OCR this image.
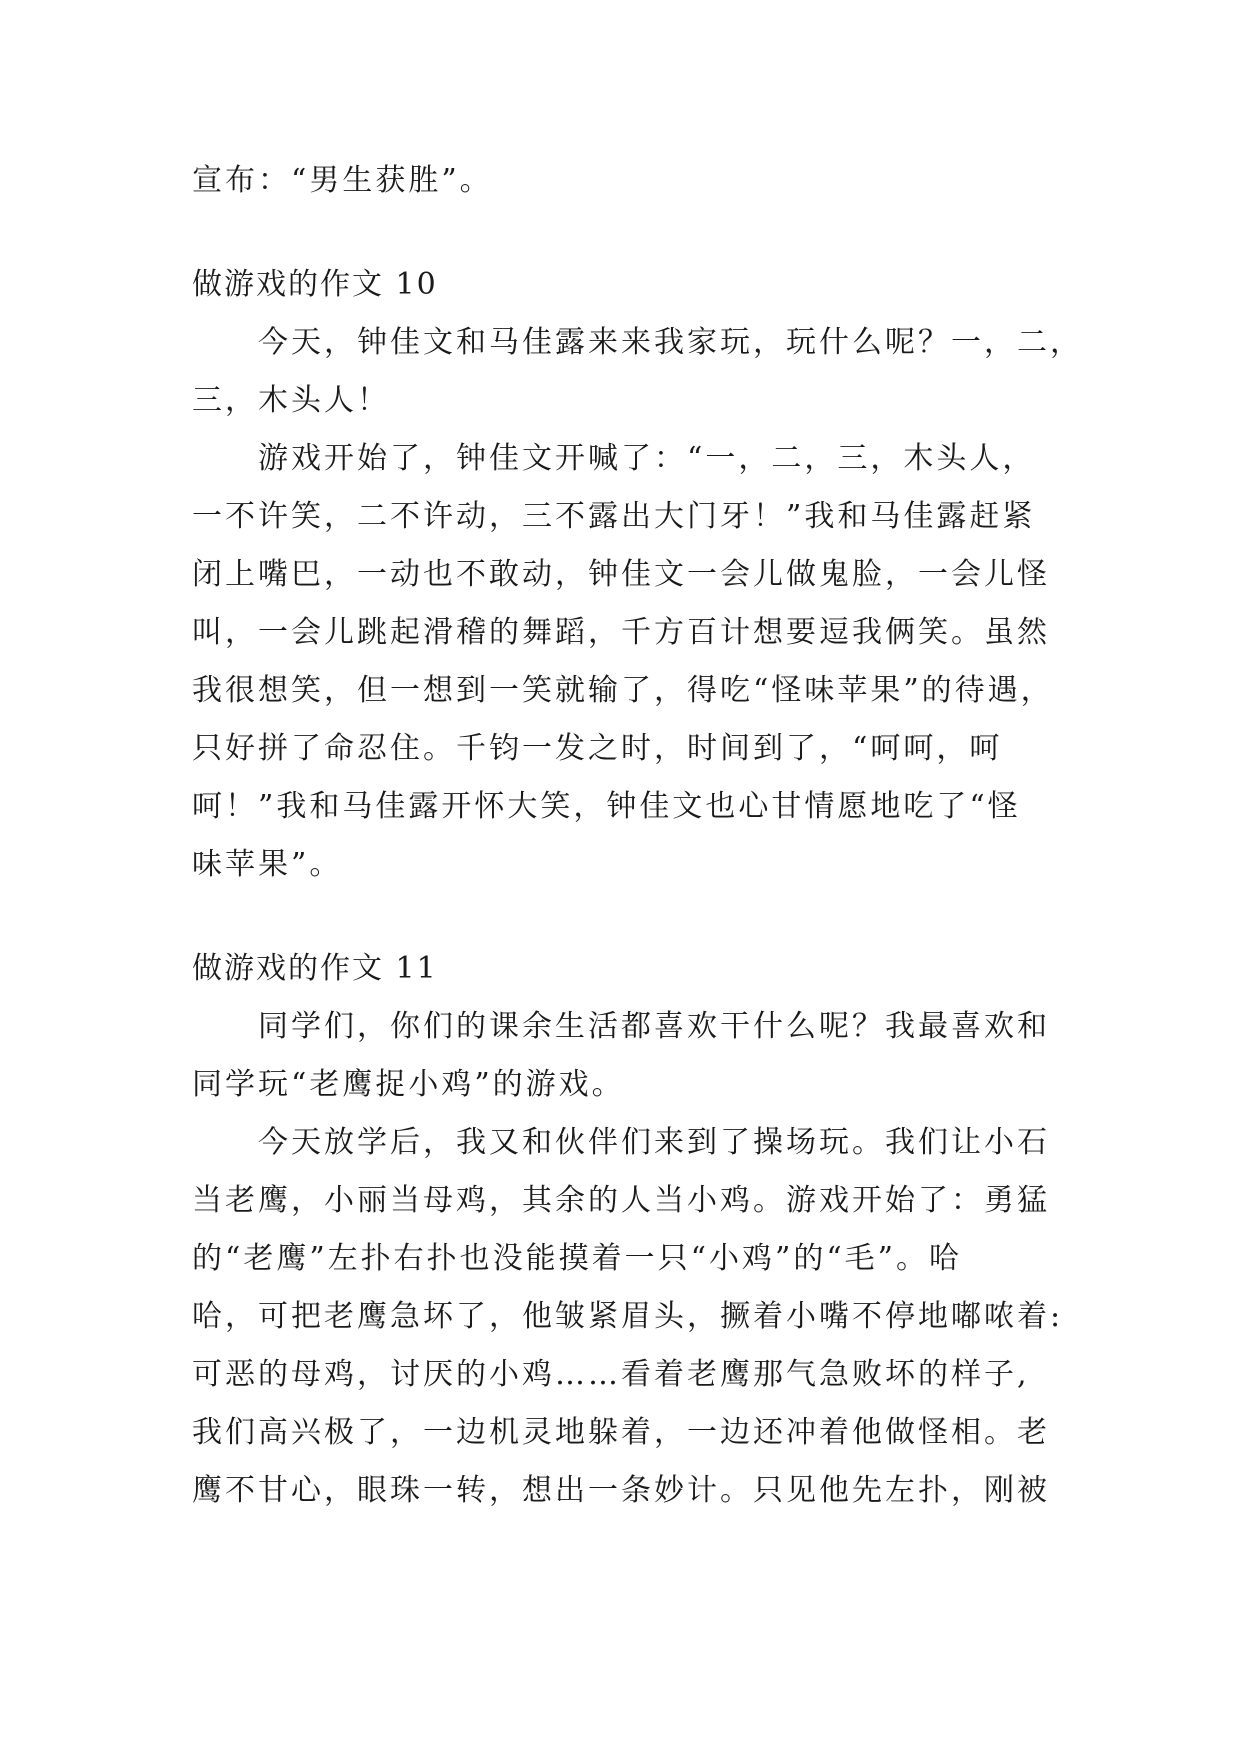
宣布：“男生获胜”。

做游戏的作文 10

今天，钟佳文和马佳露来来我家玩，玩什么呢？一，二，

三，木头人！

游戏开始了，钟佳文开喊了：“一，二，三，木头人，

一不许笑，二不许动，三不露出大门牙！”我和马佳露赶紧

闭上嘴巴，一动也不敢动，钟佳文一会儿做鬼脸，一会儿怪

叫，一会儿跳起滑稽的舞蹈，千方百计想要逗我俩笑。虽然

我很想笑，但一想到一笑就输了，得吃“怪味苹果”的待遇，

只好拼了命忍住。千钧一发之时，时间到了，“呵呵，呵

呵！”我和马佳露开怀大笑，钟佳文也心甘情愿地吃了“怪

味苹果”。

做游戏的作文 11

同学们，你们的课余生活都喜欢干什么呢？我最喜欢和

同学玩“老鹰捉小鸡”的游戏。

今天放学后，我又和伙伴们来到了操场玩。我们让小石

当老鹰，小丽当母鸡，其余的人当小鸡。游戏开始了：勇猛

的“老鹰”左扑右扑也没能摸着一只“小鸡”的“毛”。哈

哈，可把老鹰急坏了，他皱紧眉头，撅着小嘴不停地嘟哝着:

可恶的母鸡，讨厌的小鸡……看着老鹰那气急败坏的样子,

我们高兴极了，一边机灵地躲着，一边还冲着他做怪相。老

鹰不甘心，眼珠一转，想出一条妙计。只见他先左扑，刚被
